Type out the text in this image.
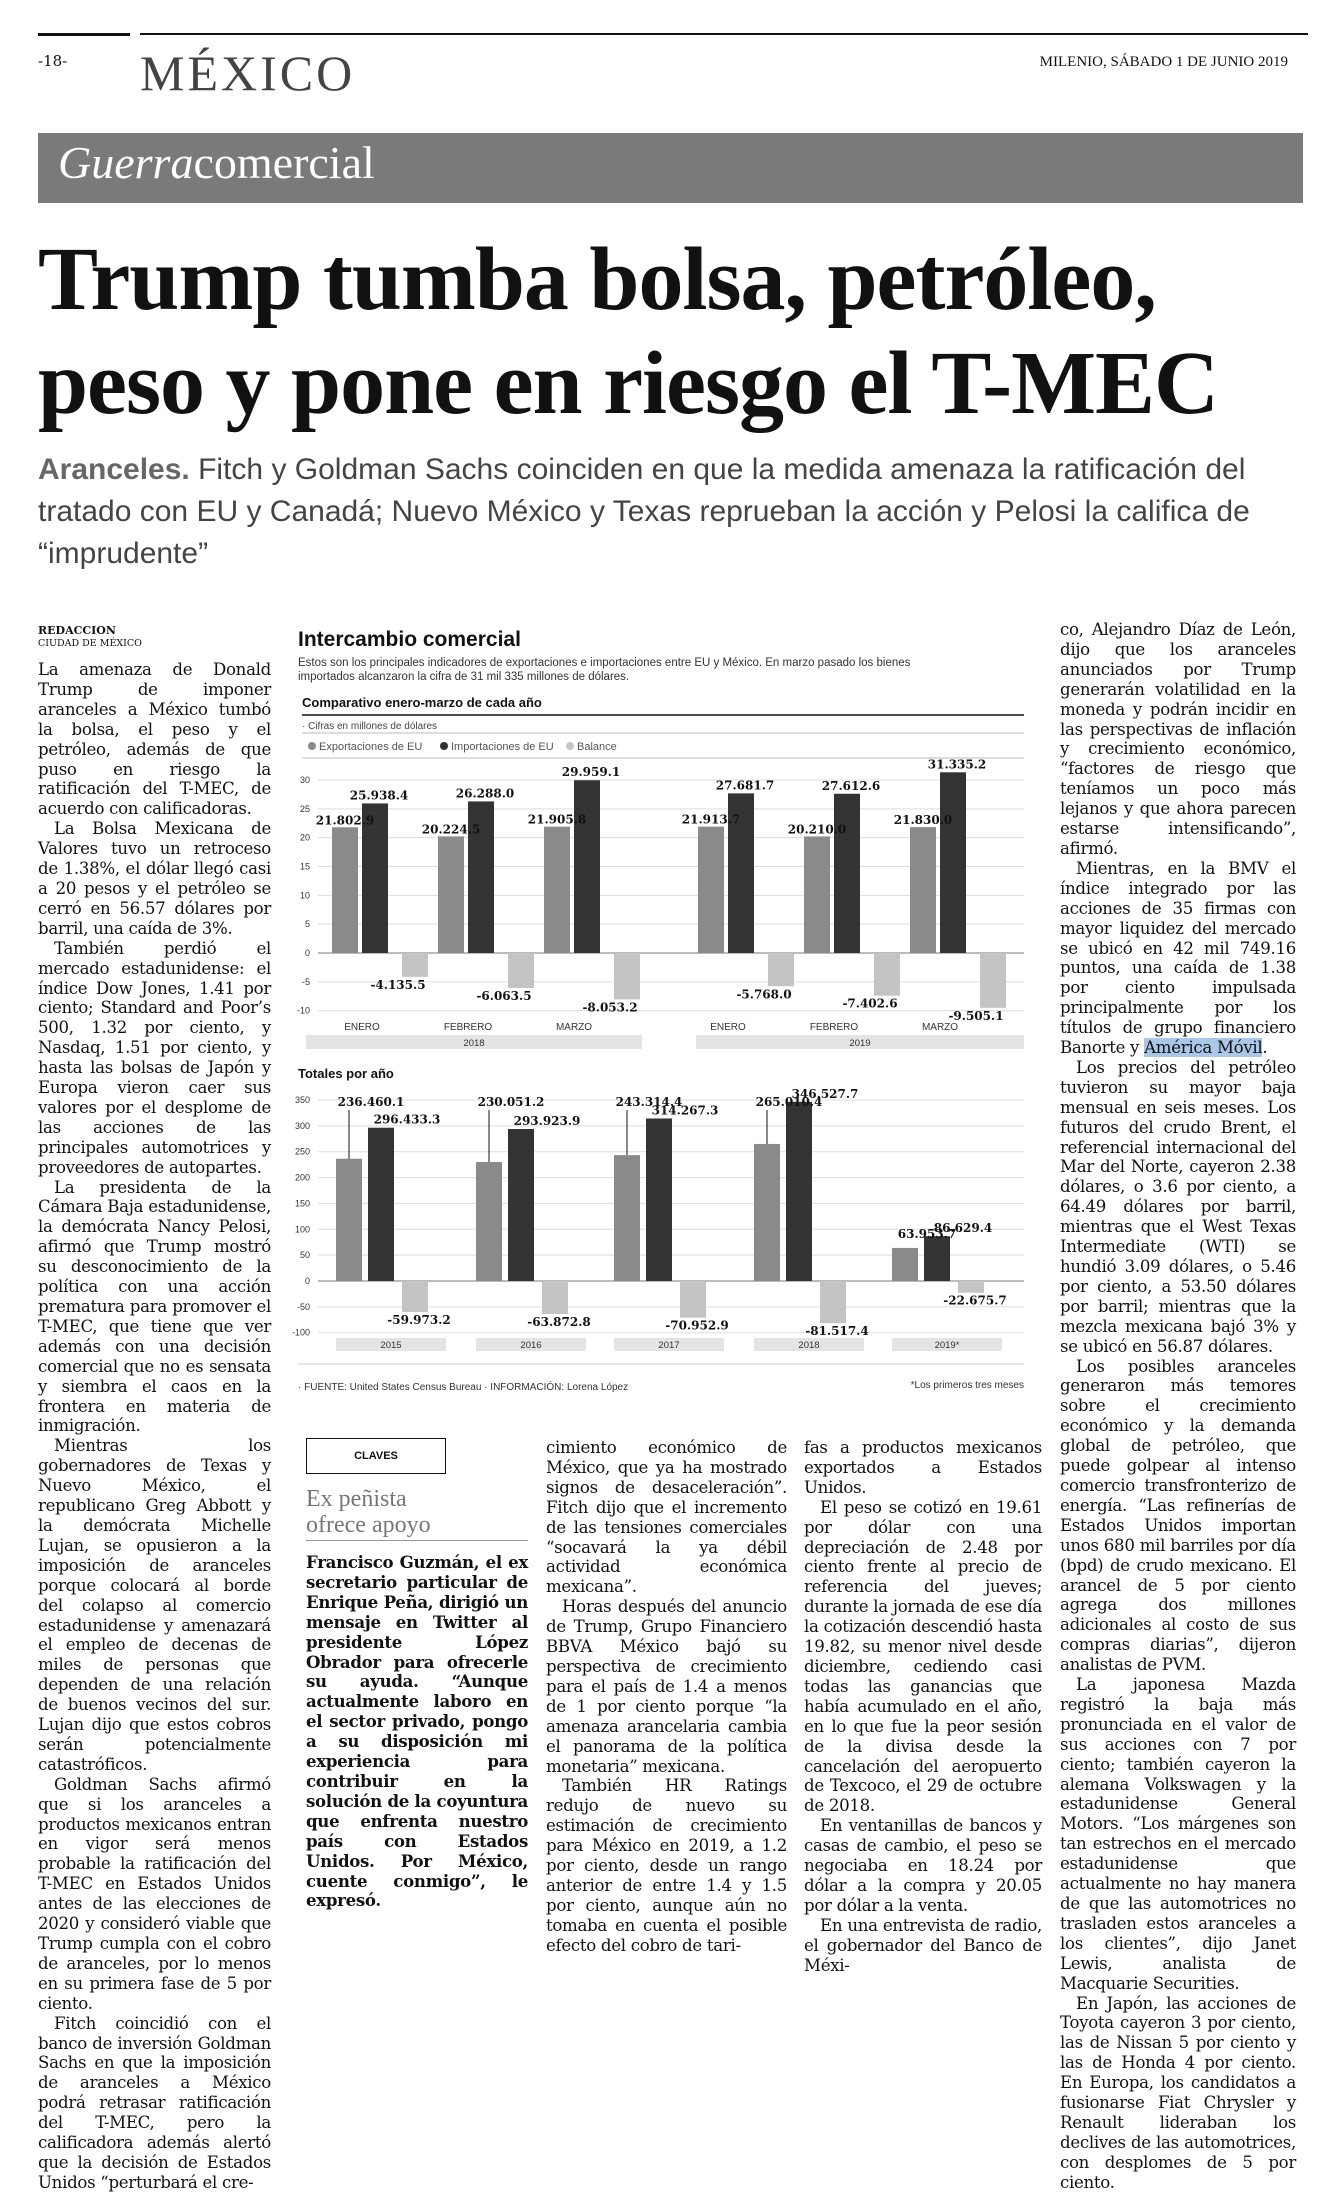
-18- MÉXICO	MILENIO, SÁBADO 1 DE JUNIO 2019
Guerracomercial
Trump tumba bolsa, petróleo,
peso y pone en riesgo el T-MEC
Aranceles. Fitch y Goldman Sachs coinciden en que la medida amenaza la ratificación del tratado con EU y Canadá; Nuevo México y Texas reprueban la acción y Pelosi la califica de “imprudente”
REDACCION
CIUDAD DE MÉXICO

La amenaza de Donald Trump de imponer aranceles a México tumbó la bolsa, el peso y el petróleo, además de que puso en riesgo la ratificación del T-MEC, de acuerdo con calificadoras.

La Bolsa Mexicana de Valores tuvo un retroceso de 1.38%, el dólar llegó casi a 20 pesos y el petróleo se cerró en 56.57 dólares por barril, una caída de 3%.

También perdió el mercado estadunidense: el índice Dow Jones, 1.41 por ciento; Standard and Poor’s 500, 1.32 por ciento, y Nasdaq, 1.51 por ciento, y hasta las bolsas de Japón y Europa vieron caer sus valores por el desplome de las acciones de las principales automotrices y proveedores de autopartes.

La presidenta de la Cámara Baja estadunidense, la demócrata Nancy Pelosi, afirmó que Trump mostró su desconocimiento de la política con una acción prematura para promover el T-MEC, que tiene que ver además con una decisión comercial que no es sensata y siembra el caos en la frontera en materia de inmigración.

Mientras los gobernadores de Texas y Nuevo México, el republicano Greg Abbott y la demócrata Michelle Lujan, se opusieron a la imposición de aranceles porque colocará al borde del colapso al comercio estadunidense y amenazará el empleo de decenas de miles de personas que dependen de una relación de buenos vecinos del sur. Lujan dijo que estos cobros serán potencialmente catastróficos.

Goldman Sachs afirmó que si los aranceles a productos mexicanos entran en vigor será menos probable la ratificación del T-MEC en Estados Unidos antes de las elecciones de 2020 y consideró viable que Trump cumpla con el cobro de aranceles, por lo menos en su primera fase de 5 por ciento.

Fitch coincidió con el banco de inversión Goldman Sachs en que la imposición de aranceles a México podrá retrasar ratificación del T-MEC, pero la calificadora además alertó que la decisión de Estados Unidos “perturbará el cre-

Intercambio comercial
Estos son los principales indicadores de exportaciones e importaciones entre EU y México. En marzo pasado los bienes
importados alcanzaron la cifra de 31 mil 335 millones de dólares.
Comparativo enero-marzo de cada año
· Cifras en millones de dólares
Exportaciones de EU	Importaciones de EU Balance
30
25
20
15
10
5
0
-5
-10
21.802.9
25.938.4
-4.135.5
ENERO
20.224.5
26.288.0
-6.063.5
FEBRERO
21.905.8
29.959.1
-8.053.2
MARZO
21.913.7
27.681.7
-5.768.0
ENERO
20.210.0
27.612.6
-7.402.6
FEBRERO
21.830.0
31.335.2
-9.505.1
MARZO
2018	2019
Totales por año
350
300
250
200
150
100
50
0
-50
-100
236.460.1
296.433.3
-59.973.2
2015
230.051.2
293.923.9
-63.872.8
2016
243.314.4
314.267.3
-70.952.9
2017
265.010.4
346.527.7
-81.517.4
2018
63.953.7
86.629.4
-22.675.7
2019*
· FUENTE: United States Census Bureau · INFORMACIÓN: Lorena López	*Los primeros tres meses
CLAVES
Ex peñista
ofrece apoyo
Francisco Guzmán, el ex secretario particular de Enrique Peña, dirigió un mensaje en Twitter al presidente López Obrador para ofrecerle su ayuda. “Aunque actualmente laboro en el sector privado, pongo a su disposición mi experiencia para contribuir en la solución de la coyuntura que enfrenta nuestro país con Estados Unidos. Por México, cuente conmigo”, le expresó.

cimiento económico de México, que ya ha mostrado signos de desaceleración”. Fitch dijo que el incremento de las tensiones comerciales “socavará la ya débil actividad económica mexicana”.

Horas después del anuncio de Trump, Grupo Financiero BBVA México bajó su perspectiva de crecimiento para el país de 1.4 a menos de 1 por ciento porque “la amenaza arancelaria cambia el panorama de la política monetaria” mexicana.

También HR Ratings redujo de nuevo su estimación de crecimiento para México en 2019, a 1.2 por ciento, desde un rango anterior de entre 1.4 y 1.5 por ciento, aunque aún no tomaba en cuenta el posible efecto del cobro de tari-

fas a productos mexicanos exportados a Estados Unidos.

El peso se cotizó en 19.61 por dólar con una depreciación de 2.48 por ciento frente al precio de referencia del jueves; durante la jornada de ese día la cotización descendió hasta 19.82, su menor nivel desde diciembre, cediendo casi todas las ganancias que había acumulado en el año, en lo que fue la peor sesión de la divisa desde la cancelación del aeropuerto de Texcoco, el 29 de octubre de 2018.

En ventanillas de bancos y casas de cambio, el peso se negociaba en 18.24 por dólar a la compra y 20.05 por dólar a la venta.

En una entrevista de radio, el gobernador del Banco de Méxi-

co, Alejandro Díaz de León, dijo que los aranceles anunciados por Trump generarán volatilidad en la moneda y podrán incidir en las perspectivas de inflación y crecimiento económico, “factores de riesgo que teníamos un poco más lejanos y que ahora parecen estarse intensificando”, afirmó.

Mientras, en la BMV el índice integrado por las acciones de 35 firmas con mayor liquidez del mercado se ubicó en 42 mil 749.16 puntos, una caída de 1.38 por ciento impulsada principalmente por los títulos de grupo financiero Banorte y América Móvil.

Los precios del petróleo tuvieron su mayor baja mensual en seis meses. Los futuros del crudo Brent, el referencial internacional del Mar del Norte, cayeron 2.38 dólares, o 3.6 por ciento, a 64.49 dólares por barril, mientras que el West Texas Intermediate (WTI) se hundió 3.09 dólares, o 5.46 por ciento, a 53.50 dólares por barril; mientras que la mezcla mexicana bajó 3% y se ubicó en 56.87 dólares.

Los posibles aranceles generaron más temores sobre el crecimiento económico y la demanda global de petróleo, que puede golpear al intenso comercio transfronterizo de energía. “Las refinerías de Estados Unidos importan unos 680 mil barriles por día (bpd) de crudo mexicano. El arancel de 5 por ciento agrega dos millones adicionales al costo de sus compras diarias”, dijeron analistas de PVM.

La japonesa Mazda registró la baja más pronunciada en el valor de sus acciones con 7 por ciento; también cayeron la alemana Volkswagen y la estadunidense General Motors. “Los márgenes son tan estrechos en el mercado estadunidense que actualmente no hay manera de que las automotrices no trasladen estos aranceles a los clientes”, dijo Janet Lewis, analista de Macquarie Securities.

En Japón, las acciones de Toyota cayeron 3 por ciento, las de Nissan 5 por ciento y las de Honda 4 por ciento. En Europa, los candidatos a fusionarse Fiat Chrysler y Renault lideraban los declives de las automotrices, con desplomes de 5 por ciento.
